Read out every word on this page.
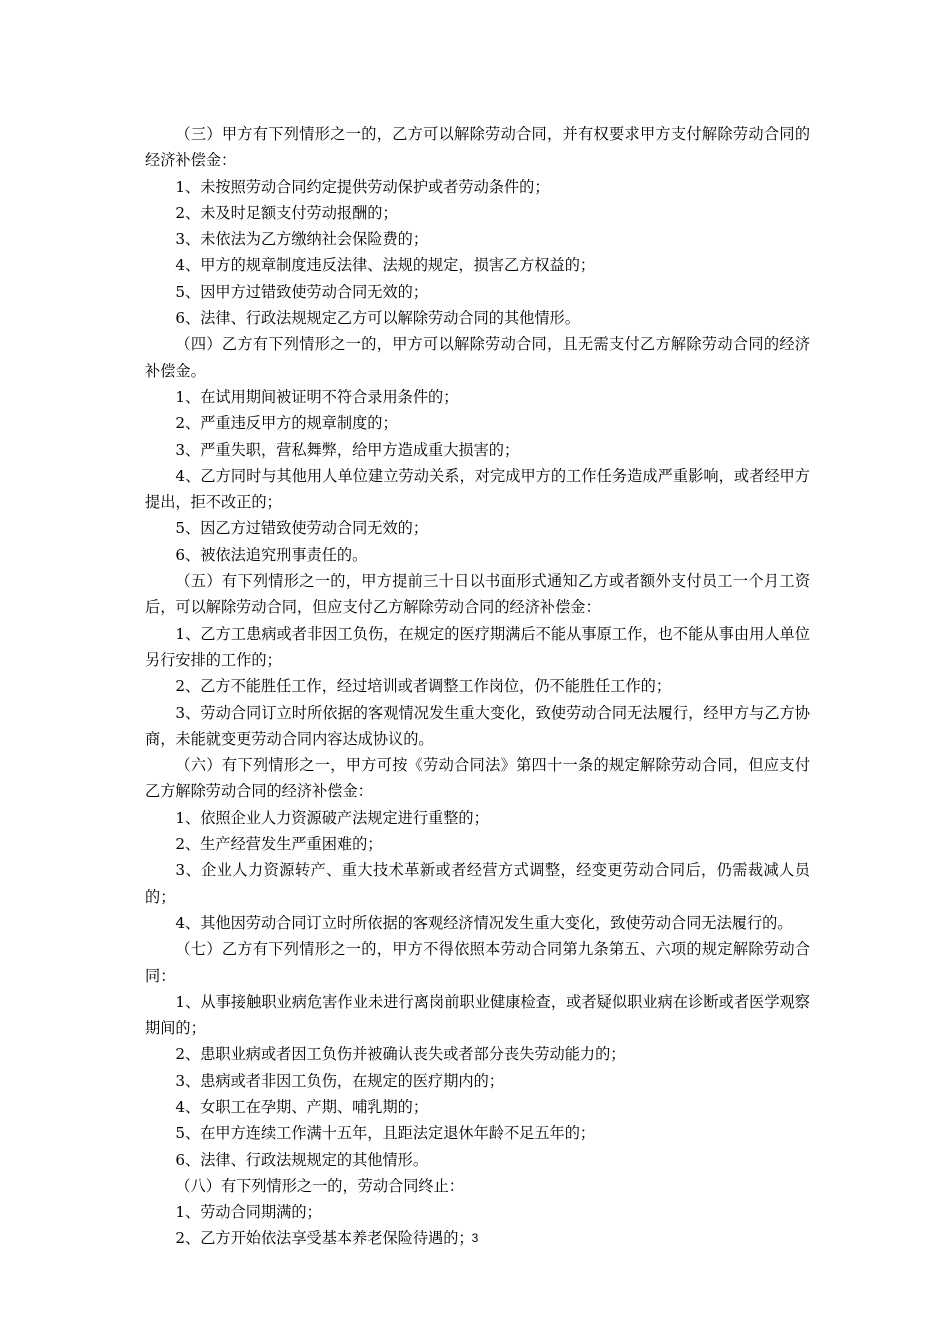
（三）甲方有下列情形之一的，乙方可以解除劳动合同，并有权要求甲方支付解除劳动合同的经济补偿金：

1、未按照劳动合同约定提供劳动保护或者劳动条件的；

2、未及时足额支付劳动报酬的；

3、未依法为乙方缴纳社会保险费的；

4、甲方的规章制度违反法律、法规的规定，损害乙方权益的；

5、因甲方过错致使劳动合同无效的；

6、法律、行政法规规定乙方可以解除劳动合同的其他情形。

（四）乙方有下列情形之一的，甲方可以解除劳动合同，且无需支付乙方解除劳动合同的经济补偿金。

1、在试用期间被证明不符合录用条件的；

2、严重违反甲方的规章制度的；

3、严重失职，营私舞弊，给甲方造成重大损害的；

4、乙方同时与其他用人单位建立劳动关系，对完成甲方的工作任务造成严重影响，或者经甲方提出，拒不改正的；

5、因乙方过错致使劳动合同无效的；

6、被依法追究刑事责任的。

（五）有下列情形之一的，甲方提前三十日以书面形式通知乙方或者额外支付员工一个月工资后，可以解除劳动合同，但应支付乙方解除劳动合同的经济补偿金：

1、乙方工患病或者非因工负伤，在规定的医疗期满后不能从事原工作，也不能从事由用人单位另行安排的工作的；

2、乙方不能胜任工作，经过培训或者调整工作岗位，仍不能胜任工作的；

3、劳动合同订立时所依据的客观情况发生重大变化，致使劳动合同无法履行，经甲方与乙方协商，未能就变更劳动合同内容达成协议的。

（六）有下列情形之一，甲方可按《劳动合同法》第四十一条的规定解除劳动合同，但应支付乙方解除劳动合同的经济补偿金：

1、依照企业人力资源破产法规定进行重整的；

2、生产经营发生严重困难的；

3、企业人力资源转产、重大技术革新或者经营方式调整，经变更劳动合同后，仍需裁减人员的；

4、其他因劳动合同订立时所依据的客观经济情况发生重大变化，致使劳动合同无法履行的。

（七）乙方有下列情形之一的，甲方不得依照本劳动合同第九条第五、六项的规定解除劳动合同：

1、从事接触职业病危害作业未进行离岗前职业健康检查，或者疑似职业病在诊断或者医学观察期间的；

2、患职业病或者因工负伤并被确认丧失或者部分丧失劳动能力的；

3、患病或者非因工负伤，在规定的医疗期内的；

4、女职工在孕期、产期、哺乳期的；

5、在甲方连续工作满十五年，且距法定退休年龄不足五年的；

6、法律、行政法规规定的其他情形。

（八）有下列情形之一的，劳动合同终止：

1、劳动合同期满的；

2、乙方开始依法享受基本养老保险待遇的；

3
